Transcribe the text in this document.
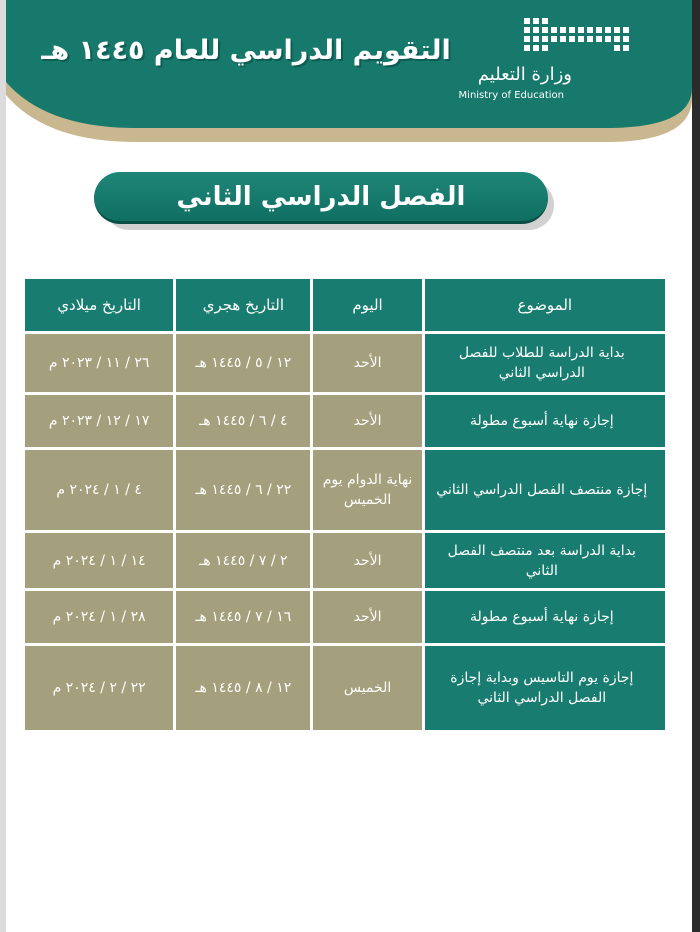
التقويم الدراسي للعام ١٤٤٥ هـ
وزارة التعليم
Ministry of Education
الفصل الدراسي الثاني
الموضوع	اليوم	التاريخ هجري	التاريخ ميلادي
بداية الدراسة للطلاب للفصل الدراسي الثاني	الأحد	١٢ / ٥ / ١٤٤٥ هـ	٢٦ / ١١ / ٢٠٢٣ م
إجازة نهاية أسبوع مطولة	الأحد	٤ / ٦ / ١٤٤٥ هـ	١٧ / ١٢ / ٢٠٢٣ م
إجازة منتصف الفصل الدراسي الثاني	نهاية الدوام يوم الخميس	٢٢ / ٦ / ١٤٤٥ هـ	٤ / ١ / ٢٠٢٤ م
بداية الدراسة بعد منتصف الفصل الثاني	الأحد	٢ / ٧ / ١٤٤٥ هـ	١٤ / ١ / ٢٠٢٤ م
إجازة نهاية أسبوع مطولة	الأحد	١٦ / ٧ / ١٤٤٥ هـ	٢٨ / ١ / ٢٠٢٤ م
إجازة يوم التاسيس وبداية إجازة الفصل الدراسي الثاني	الخميس	١٢ / ٨ / ١٤٤٥ هـ	٢٢ / ٢ / ٢٠٢٤ م
